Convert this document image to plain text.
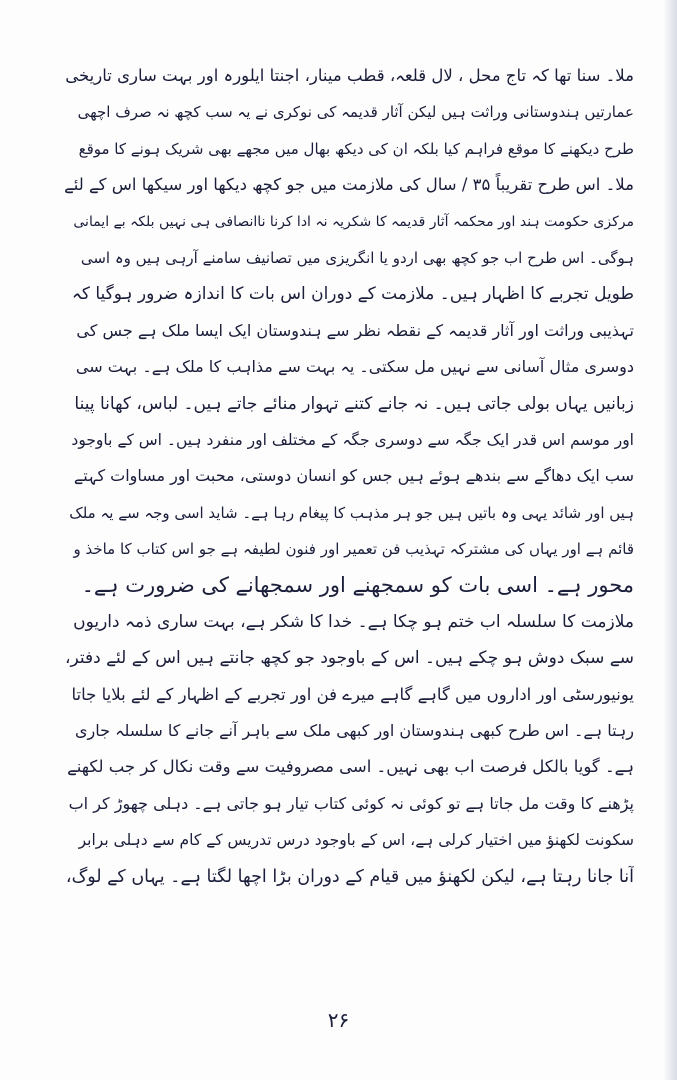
ملا۔ سنا تھا کہ تاج محل ، لال قلعہ، قطب مینار، اجنتا ایلورہ اور بہت ساری تاریخی
عمارتیں ہندوستانی وراثت ہیں لیکن آثار قدیمہ کی نوکری نے یہ سب کچھ نہ صرف اچھی
طرح دیکھنے کا موقع فراہم کیا بلکہ ان کی دیکھ بھال میں مجھے بھی شریک ہونے کا موقع
ملا۔ اس طرح تقریباً ۳۵ / سال کی ملازمت میں جو کچھ دیکھا اور سیکھا اس کے لئے
مرکزی حکومت ہند اور محکمہ آثار قدیمہ کا شکریہ نہ ادا کرنا ناانصافی ہی نہیں بلکہ بے ایمانی
ہوگی۔ اس طرح اب جو کچھ بھی اردو یا انگریزی میں تصانیف سامنے آرہی ہیں وہ اسی
طویل تجربے کا اظہار ہیں۔ ملازمت کے دوران اس بات کا اندازہ ضرور ہوگیا کہ
تہذیبی وراثت اور آثار قدیمہ کے نقطہ نظر سے ہندوستان ایک ایسا ملک ہے جس کی
دوسری مثال آسانی سے نہیں مل سکتی۔ یہ بہت سے مذاہب کا ملک ہے۔ بہت سی
زبانیں یہاں بولی جاتی ہیں۔ نہ جانے کتنے تہوار منائے جاتے ہیں۔ لباس، کھانا پینا
اور موسم اس قدر ایک جگہ سے دوسری جگہ کے مختلف اور منفرد ہیں۔ اس کے باوجود
سب ایک دھاگے سے بندھے ہوئے ہیں جس کو انسان دوستی، محبت اور مساوات کہتے
ہیں اور شائد یہی وہ باتیں ہیں جو ہر مذہب کا پیغام رہا ہے۔ شاید اسی وجہ سے یہ ملک
قائم ہے اور یہاں کی مشترکہ تہذیب فن تعمیر اور فنون لطیفہ ہے جو اس کتاب کا ماخذ و
محور ہے۔ اسی بات کو سمجھنے اور سمجھانے کی ضرورت ہے۔
ملازمت کا سلسلہ اب ختم ہو چکا ہے۔ خدا کا شکر ہے، بہت ساری ذمہ داریوں
سے سبک دوش ہو چکے ہیں۔ اس کے باوجود جو کچھ جانتے ہیں اس کے لئے دفتر،
یونیورسٹی اور اداروں میں گاہے گاہے میرے فن اور تجربے کے اظہار کے لئے بلایا جاتا
رہتا ہے۔ اس طرح کبھی ہندوستان اور کبھی ملک سے باہر آنے جانے کا سلسلہ جاری
ہے۔ گویا بالکل فرصت اب بھی نہیں۔ اسی مصروفیت سے وقت نکال کر جب لکھنے
پڑھنے کا وقت مل جاتا ہے تو کوئی نہ کوئی کتاب تیار ہو جاتی ہے۔ دہلی چھوڑ کر اب
سکونت لکھنؤ میں اختیار کرلی ہے، اس کے باوجود درس تدریس کے کام سے دہلی برابر
آنا جانا رہتا ہے، لیکن لکھنؤ میں قیام کے دوران بڑا اچھا لگتا ہے۔ یہاں کے لوگ،
۲۶
